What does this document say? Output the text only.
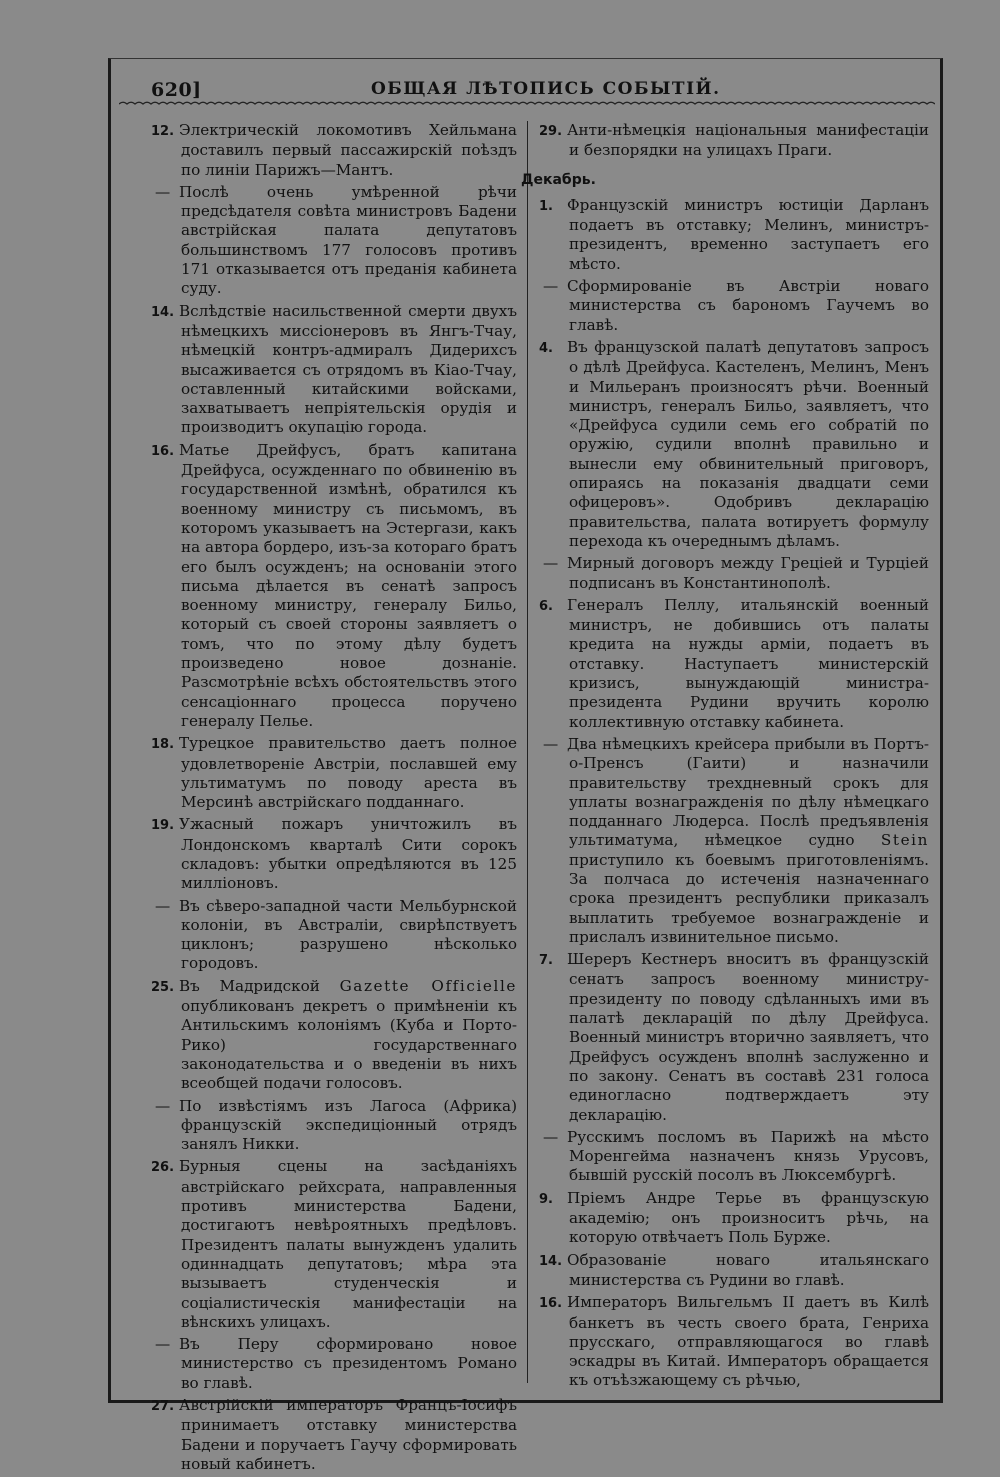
620]	ОБЩАЯ ЛѢТОПИСЬ СОБЫТIЙ.
12. Электрическiй локомотивъ Хейльмана доставилъ первый пассажирскiй поѣздъ по линiи Парижъ—Мантъ.
— Послѣ очень умѣренной рѣчи предсѣдателя совѣта министровъ Бадени австрiйская палата депутатовъ большинствомъ 177 голосовъ противъ 171 отказывается отъ преданiя кабинета суду.
14. Вслѣдствiе насильственной смерти двухъ нѣмецкихъ миссiонеровъ въ Янгъ-Тчау, нѣмецкiй контръ-адмиралъ Дидерихсъ высаживается съ отрядомъ въ Кiао-Тчау, оставленный китайскими войсками, захватываетъ непрiятельскiя орудiя и производитъ окупацiю города.
16. Матье Дрейфусъ, братъ капитана Дрейфуса, осужденнаго по обвиненiю въ государственной измѣнѣ, обратился къ военному министру съ письмомъ, въ которомъ указываетъ на Эстергази, какъ на автора бордеро, изъ-за котораго братъ его былъ осужденъ; на основанiи этого письма дѣлается въ сенатѣ запросъ военному министру, генералу Бильо, который съ своей стороны заявляетъ о томъ, что по этому дѣлу будетъ произведено новое дознанiе. Разсмотрѣнiе всѣхъ обстоятельствъ этого сенсацiоннаго процесса поручено генералу Пелье.
18. Турецкое правительство даетъ полное удовлетворенiе Австрiи, пославшей ему ультиматумъ по поводу ареста въ Мерсинѣ австрiйскаго подданнаго.
19. Ужасный пожаръ уничтожилъ въ Лондонскомъ кварталѣ Сити сорокъ складовъ: убытки опредѣляются въ 125 миллiоновъ.
— Въ сѣверо-западной части Мельбурнской колонiи, въ Австралiи, свирѣпствуетъ циклонъ; разрушено нѣсколько городовъ.
25. Въ Мадридской Gazette Officielle опубликованъ декретъ о примѣненiи къ Антильскимъ колонiямъ (Куба и Порто-Рико) государственнаго законодательства и о введенiи въ нихъ всеобщей подачи голосовъ.
— По извѣстiямъ изъ Лагоса (Африка) французскiй экспедицiонный отрядъ занялъ Никки.
26. Бурныя сцены на засѣданiяхъ австрiйскаго рейхсрата, направленныя противъ министерства Бадени, достигаютъ невѣроятныхъ предѣловъ. Президентъ палаты вынужденъ удалить одиннадцать депутатовъ; мѣра эта вызываетъ студенческiя и соцiалистическiя манифестацiи на вѣнскихъ улицахъ.
— Въ Перу сформировано новое министерство съ президентомъ Романо во главѣ.
27. Австрiйскiй императоръ Францъ-Iосифъ принимаетъ отставку министерства Бадени и поручаетъ Гаучу сформировать новый кабинетъ.
29. Анти-нѣмецкiя нацiональныя манифестацiи и безпорядки на улицахъ Праги.
Декабрь.
1. Французскiй министръ юстицiи Дарланъ подаетъ въ отставку; Мелинъ, министръ-президентъ, временно заступаетъ его мѣсто.
— Сформированiе въ Австрiи новаго министерства съ барономъ Гаучемъ во главѣ.
4. Въ французской палатѣ депутатовъ запросъ о дѣлѣ Дрейфуса. Кастеленъ, Мелинъ, Менъ и Мильеранъ произносятъ рѣчи. Военный министръ, генералъ Бильо, заявляетъ, что «Дрейфуса судили семь его собратiй по оружiю, судили вполнѣ правильно и вынесли ему обвинительный приговоръ, опираясь на показанiя двадцати семи офицеровъ». Одобривъ декларацiю правительства, палата вотируетъ формулу перехода къ очереднымъ дѣламъ.
— Мирный договоръ между Грецiей и Турцiей подписанъ въ Константинополѣ.
6. Генералъ Пеллу, итальянскiй военный министръ, не добившись отъ палаты кредита на нужды армiи, подаетъ въ отставку. Наступаетъ министерскiй кризисъ, вынуждающiй министра-президента Рудини вручить королю коллективную отставку кабинета.
— Два нѣмецкихъ крейсера прибыли въ Портъ-о-Пренсъ (Гаити) и назначили правительству трехдневный срокъ для уплаты вознагражденiя по дѣлу нѣмецкаго подданнаго Людерса. Послѣ предъявленiя ультиматума, нѣмецкое судно Stein приступило къ боевымъ приготовленiямъ. За полчаса до истеченiя назначеннаго срока президентъ республики приказалъ выплатить требуемое вознагражденiе и прислалъ извинительное письмо.
7. Шереръ Кестнеръ вноситъ въ французскiй сенатъ запросъ военному министру-президенту по поводу сдѣланныхъ ими въ палатѣ декларацiй по дѣлу Дрейфуса. Военный министръ вторично заявляетъ, что Дрейфусъ осужденъ вполнѣ заслуженно и по закону. Сенатъ въ составѣ 231 голоса единогласно подтверждаетъ эту декларацiю.
— Русскимъ посломъ въ Парижѣ на мѣсто Моренгейма назначенъ князь Урусовъ, бывшiй русскiй посолъ въ Люксембургѣ.
9. Прiемъ Андре Терье въ французскую академiю; онъ произноситъ рѣчь, на которую отвѣчаетъ Поль Бурже.
14. Образованiе новаго итальянскаго министерства съ Рудини во главѣ.
16. Императоръ Вильгельмъ II даетъ въ Килѣ банкетъ въ честь своего брата, Генриха прусскаго, отправляющагося во главѣ эскадры въ Китай. Императоръ обращается къ отъѣзжающему съ рѣчью,
